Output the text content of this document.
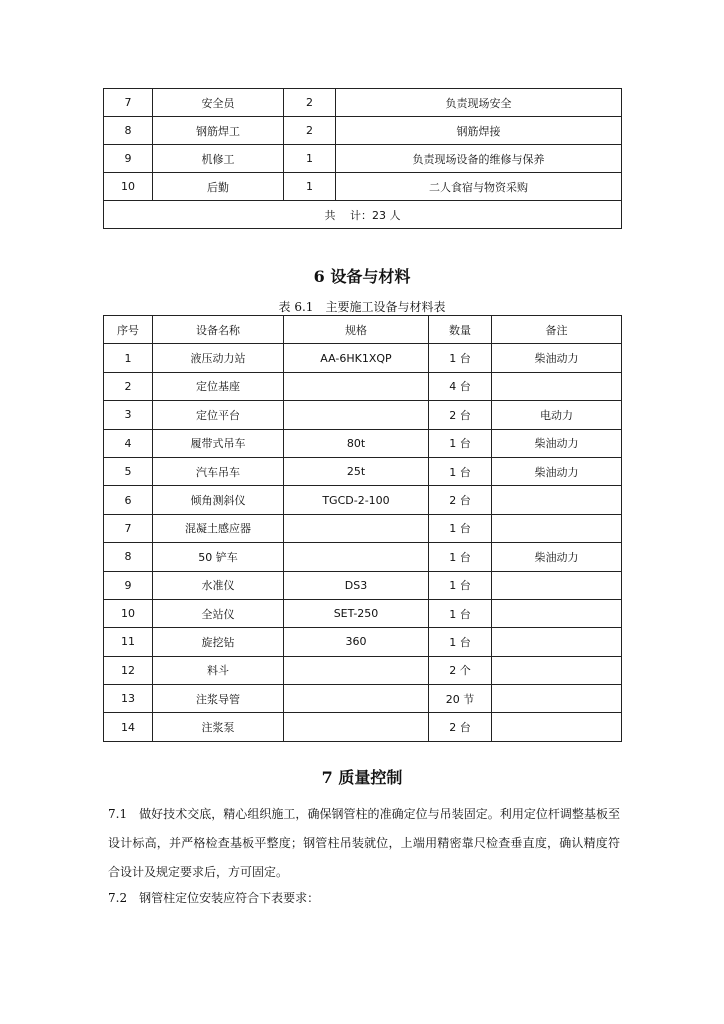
7	安全员	2	负责现场安全
8	钢筋焊工	2	钢筋焊接
9	机修工	1	负责现场设备的维修与保养
10	后勤	1	二人食宿与物资采购
共　 计：23 人			
6 设备与材料
表 6.1　主要施工设备与材料表
序号	设备名称	规格	数量	备注
1	液压动力站	AA-6HK1XQP	1 台	柴油动力
2	定位基座		4 台	
3	定位平台		2 台	电动力
4	履带式吊车	80t	1 台	柴油动力
5	汽车吊车	25t	1 台	柴油动力
6	倾角测斜仪	TGCD-2-100	2 台	
7	混凝土感应器		1 台	
8	50 铲车		1 台	柴油动力
9	水准仪	DS3	1 台	
10	全站仪	SET-250	1 台	
11	旋挖钻	360	1 台	
12	料斗		2 个	
13	注浆导管		20 节	
14	注浆泵		2 台	
7 质量控制
7.1　做好技术交底，精心组织施工，确保钢管柱的准确定位与吊装固定。利用定位杆调整基板至设计标高，并严格检查基板平整度；钢管柱吊装就位，上端用精密靠尺检查垂直度，确认精度符合设计及规定要求后，方可固定。
7.2　钢管柱定位安装应符合下表要求：
